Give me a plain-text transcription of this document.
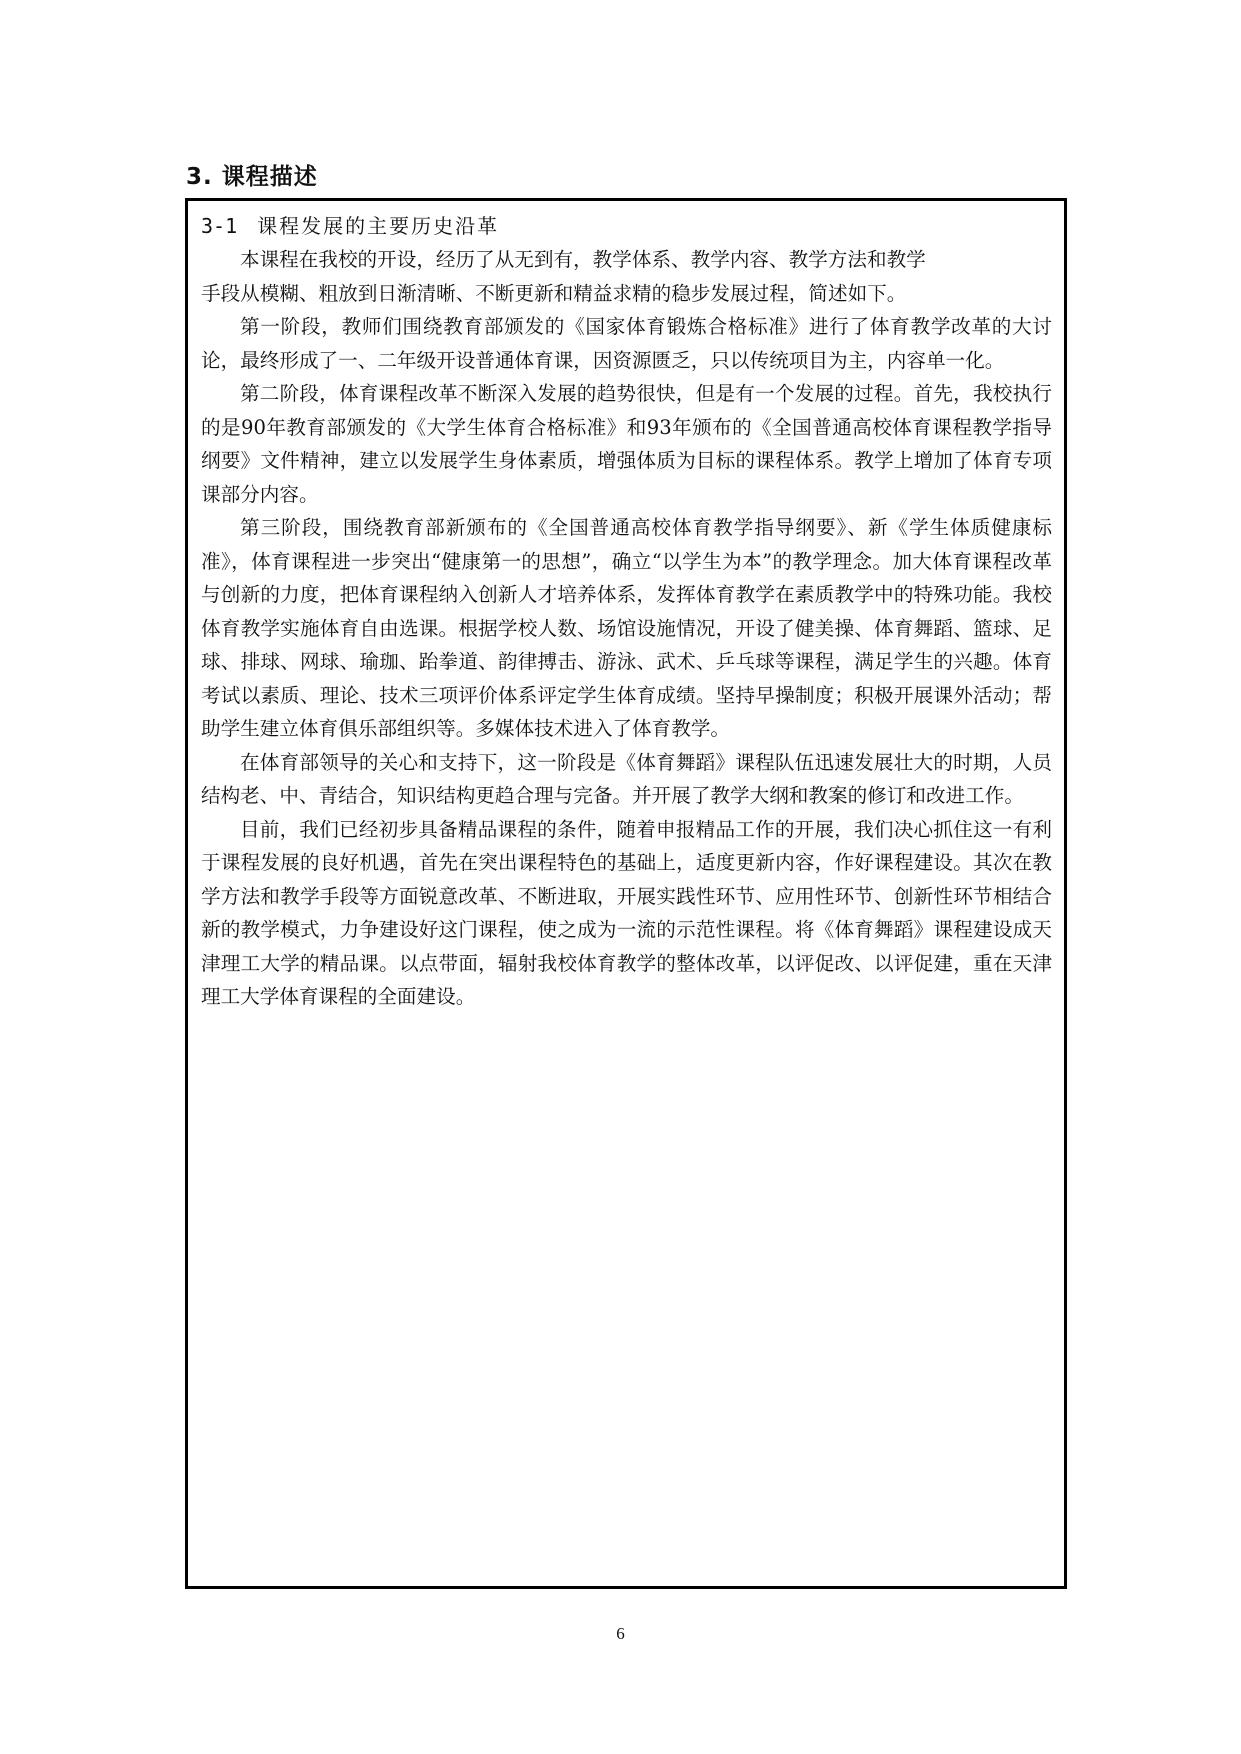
3. 课程描述
3-1 课程发展的主要历史沿革

本课程在我校的开设，经历了从无到有，教学体系、教学内容、教学方法和教学
手段从模糊、粗放到日渐清晰、不断更新和精益求精的稳步发展过程，简述如下。

第一阶段，教师们围绕教育部颁发的《国家体育锻炼合格标准》进行了体育教学改革的大讨论，最终形成了一、二年级开设普通体育课，因资源匮乏，只以传统项目为主，内容单一化。

第二阶段，体育课程改革不断深入发展的趋势很快，但是有一个发展的过程。首先，我校执行的是90年教育部颁发的《大学生体育合格标准》和93年颁布的《全国普通高校体育课程教学指导纲要》文件精神，建立以发展学生身体素质，增强体质为目标的课程体系。教学上增加了体育专项课部分内容。

第三阶段，围绕教育部新颁布的《全国普通高校体育教学指导纲要》、新《学生体质健康标准》，体育课程进一步突出“健康第一的思想”，确立“以学生为本”的教学理念。加大体育课程改革与创新的力度，把体育课程纳入创新人才培养体系，发挥体育教学在素质教学中的特殊功能。我校体育教学实施体育自由选课。根据学校人数、场馆设施情况，开设了健美操、体育舞蹈、篮球、足球、排球、网球、瑜珈、跆拳道、韵律搏击、游泳、武术、乒乓球等课程，满足学生的兴趣。体育考试以素质、理论、技术三项评价体系评定学生体育成绩。坚持早操制度；积极开展课外活动；帮助学生建立体育俱乐部组织等。多媒体技术进入了体育教学。

在体育部领导的关心和支持下，这一阶段是《体育舞蹈》课程队伍迅速发展壮大的时期，人员结构老、中、青结合，知识结构更趋合理与完备。并开展了教学大纲和教案的修订和改进工作。

目前，我们已经初步具备精品课程的条件，随着申报精品工作的开展，我们决心抓住这一有利于课程发展的良好机遇，首先在突出课程特色的基础上，适度更新内容，作好课程建设。其次在教学方法和教学手段等方面锐意改革、不断进取，开展实践性环节、应用性环节、创新性环节相结合新的教学模式，力争建设好这门课程，使之成为一流的示范性课程。将《体育舞蹈》课程建设成天津理工大学的精品课。以点带面，辐射我校体育教学的整体改革，以评促改、以评促建，重在天津理工大学体育课程的全面建设。

6
